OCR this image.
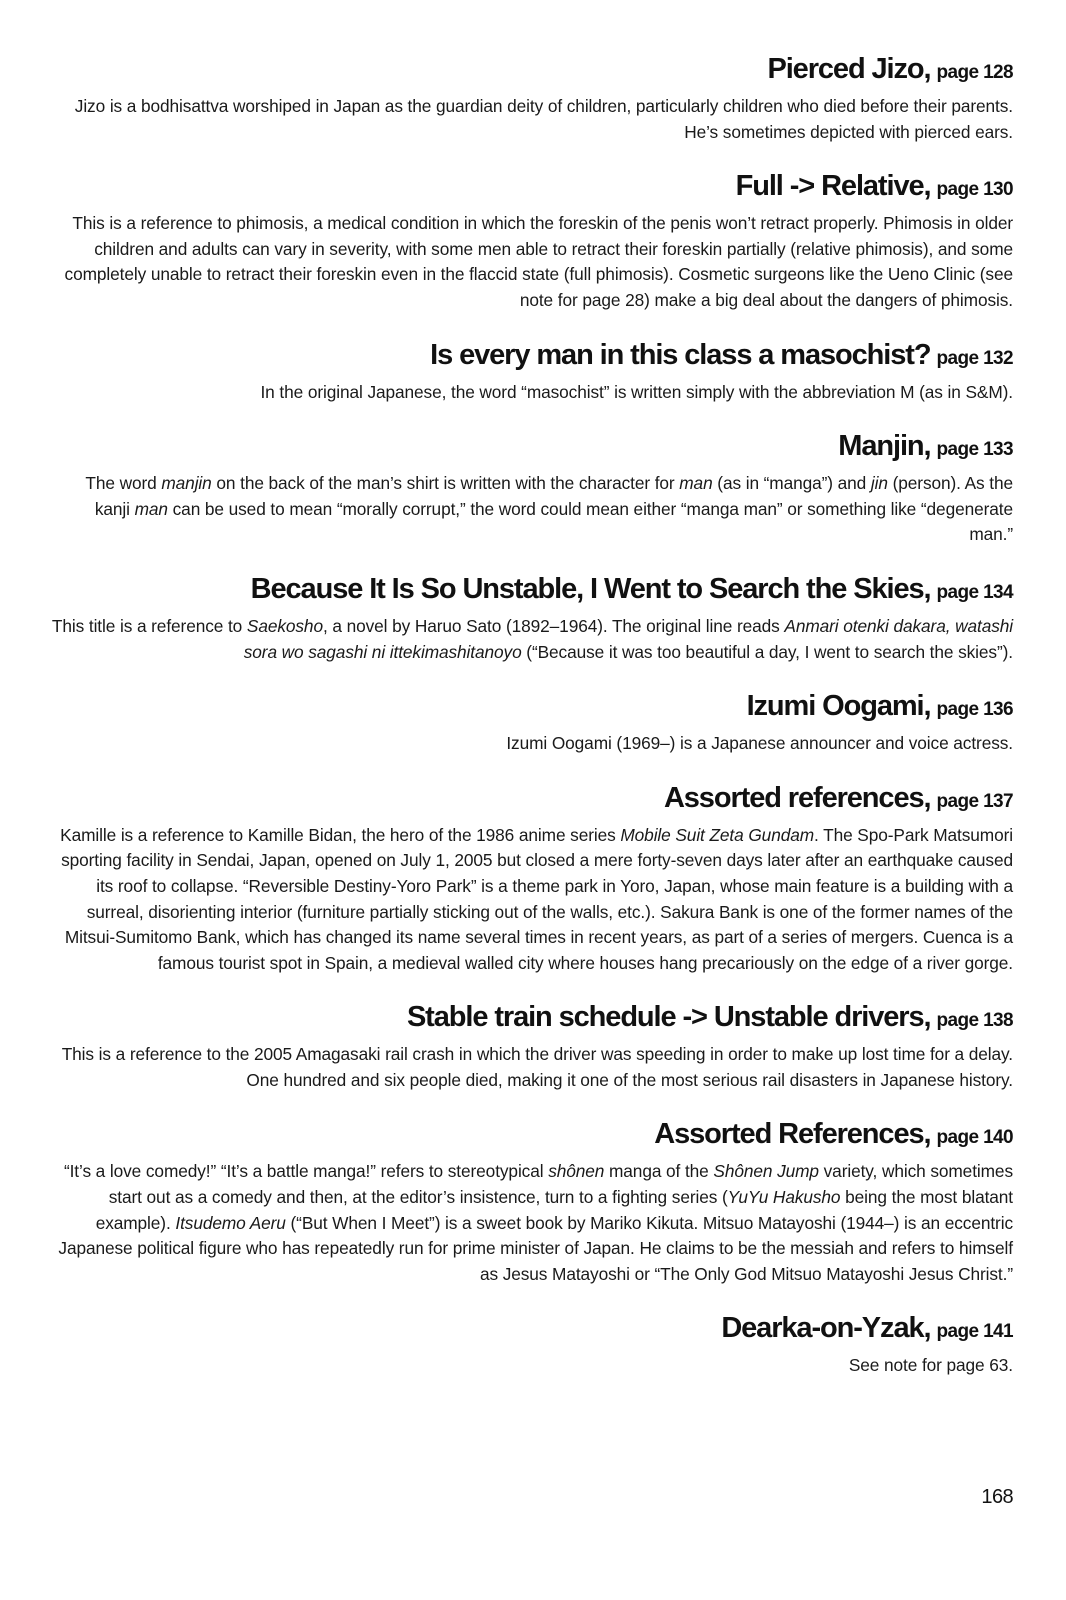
Pierced Jizo, page 128

Jizo is a bodhisattva worshiped in Japan as the guardian deity of children, particularly children who died before their parents. He’s sometimes depicted with pierced ears.

Full -> Relative, page 130

This is a reference to phimosis, a medical condition in which the foreskin of the penis won’t retract properly. Phimosis in older children and adults can vary in severity, with some men able to retract their foreskin partially (relative phimosis), and some completely unable to retract their foreskin even in the flaccid state (full phimosis). Cosmetic surgeons like the Ueno Clinic (see note for page 28) make a big deal about the dangers of phimosis.

Is every man in this class a masochist? page 132

In the original Japanese, the word “masochist” is written simply with the abbreviation M (as in S&M).

Manjin, page 133

The word manjin on the back of the man’s shirt is written with the character for man (as in “manga”) and jin (person). As the kanji man can be used to mean “morally corrupt,” the word could mean either “manga man” or something like “degenerate man.”

Because It Is So Unstable, I Went to Search the Skies, page 134

This title is a reference to Saekosho, a novel by Haruo Sato (1892–1964). The original line reads Anmari otenki dakara, watashi sora wo sagashi ni ittekimashitanoyo (“Because it was too beautiful a day, I went to search the skies”).

Izumi Oogami, page 136

Izumi Oogami (1969–) is a Japanese announcer and voice actress.

Assorted references, page 137

Kamille is a reference to Kamille Bidan, the hero of the 1986 anime series Mobile Suit Zeta Gundam. The Spo-Park Matsumori sporting facility in Sendai, Japan, opened on July 1, 2005 but closed a mere forty-seven days later after an earthquake caused its roof to collapse. “Reversible Destiny-Yoro Park” is a theme park in Yoro, Japan, whose main feature is a building with a surreal, disorienting interior (furniture partially sticking out of the walls, etc.). Sakura Bank is one of the former names of the Mitsui-Sumitomo Bank, which has changed its name several times in recent years, as part of a series of mergers. Cuenca is a famous tourist spot in Spain, a medieval walled city where houses hang precariously on the edge of a river gorge.

Stable train schedule -> Unstable drivers, page 138

This is a reference to the 2005 Amagasaki rail crash in which the driver was speeding in order to make up lost time for a delay. One hundred and six people died, making it one of the most serious rail disasters in Japanese history.

Assorted References, page 140

“It’s a love comedy!” “It’s a battle manga!” refers to stereotypical shônen manga of the Shônen Jump variety, which sometimes start out as a comedy and then, at the editor’s insistence, turn to a fighting series (YuYu Hakusho being the most blatant example). Itsudemo Aeru (“But When I Meet”) is a sweet book by Mariko Kikuta. Mitsuo Matayoshi (1944–) is an eccentric Japanese political figure who has repeatedly run for prime minister of Japan. He claims to be the messiah and refers to himself as Jesus Matayoshi or “The Only God Mitsuo Matayoshi Jesus Christ.”

Dearka-on-Yzak, page 141

See note for page 63.

168
